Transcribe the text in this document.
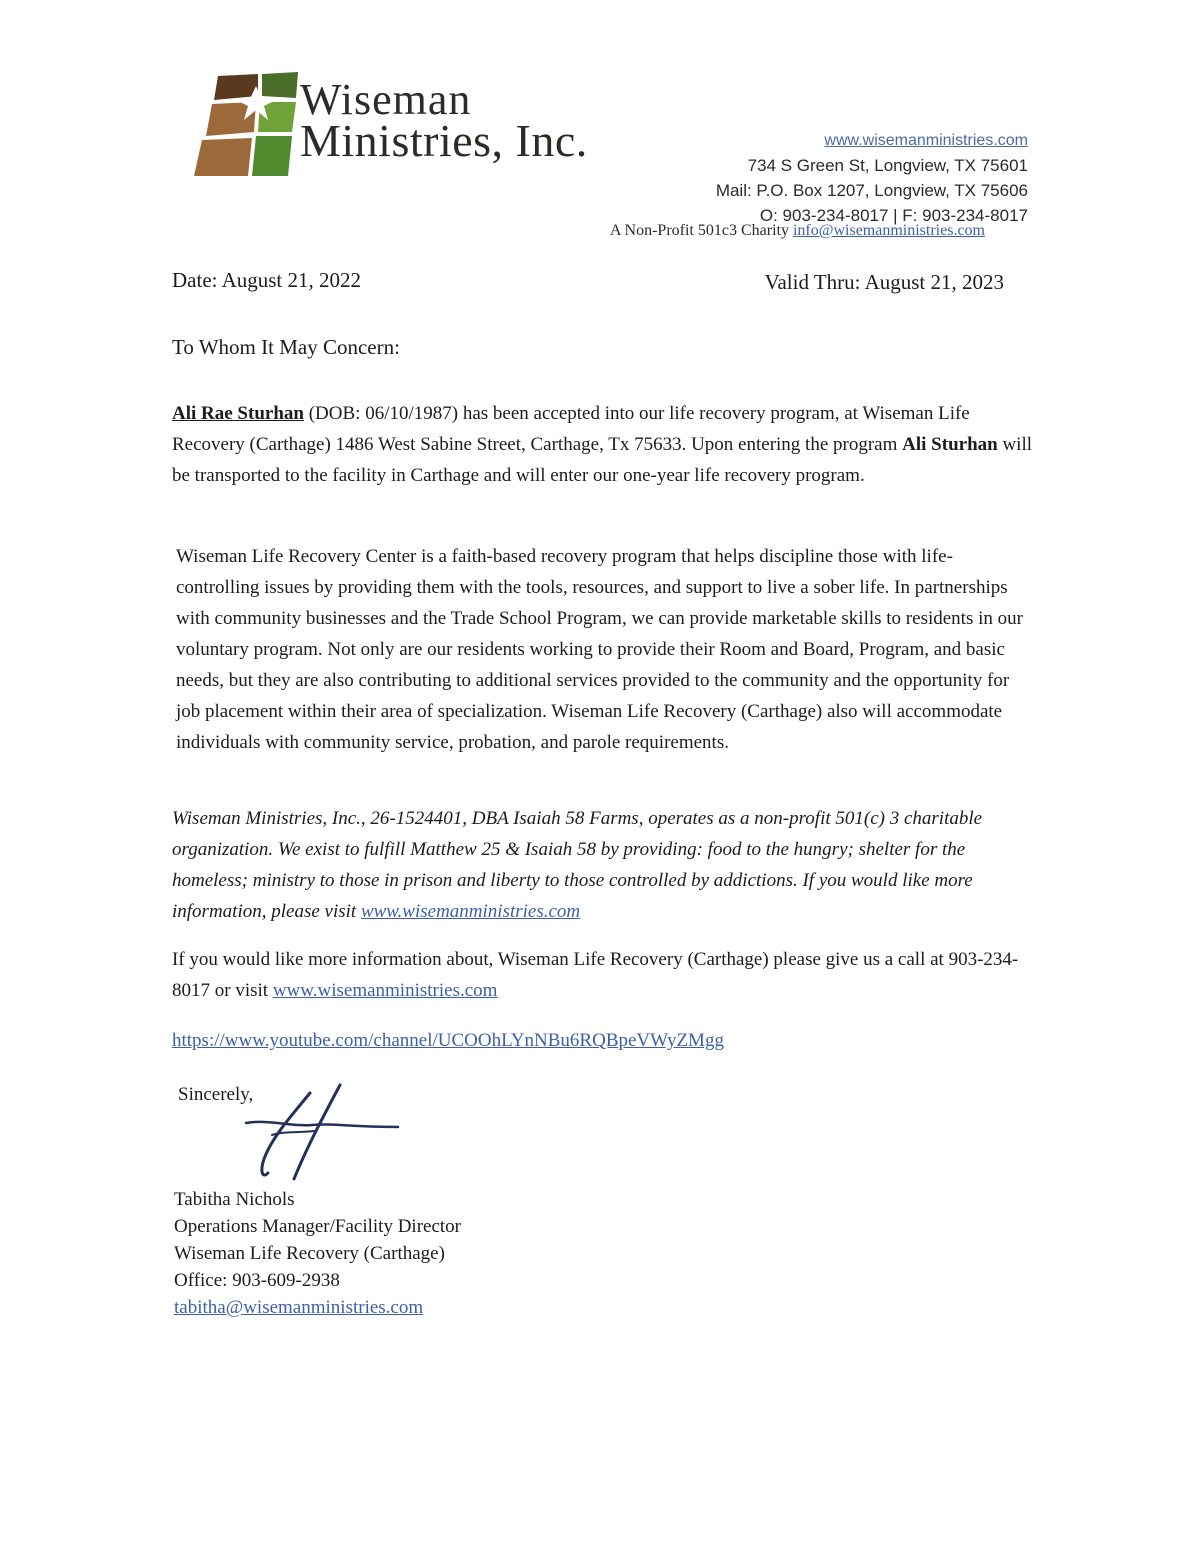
Wiseman
Ministries, Inc.	www.wisemanministries.com
734 S Green St, Longview, TX 75601
Mail: P.O. Box 1207, Longview, TX 75606
O: 903-234-8017 | F: 903-234-8017
A Non-Profit 501c3 Charity info@wisemanministries.com
Date: August 21, 2022	Valid Thru: August 21, 2023
To Whom It May Concern:
Ali Rae Sturhan (DOB: 06/10/1987) has been accepted into our life recovery program, at Wiseman Life Recovery (Carthage) 1486 West Sabine Street, Carthage, Tx 75633. Upon entering the program Ali Sturhan will be transported to the facility in Carthage and will enter our one-year life recovery program.
Wiseman Life Recovery Center is a faith-based recovery program that helps discipline those with life-controlling issues by providing them with the tools, resources, and support to live a sober life. In partnerships with community businesses and the Trade School Program, we can provide marketable skills to residents in our voluntary program. Not only are our residents working to provide their Room and Board, Program, and basic needs, but they are also contributing to additional services provided to the community and the opportunity for job placement within their area of specialization. Wiseman Life Recovery (Carthage) also will accommodate individuals with community service, probation, and parole requirements.
Wiseman Ministries, Inc., 26-1524401, DBA Isaiah 58 Farms, operates as a non-profit 501(c) 3 charitable organization. We exist to fulfill Matthew 25 & Isaiah 58 by providing: food to the hungry; shelter for the homeless; ministry to those in prison and liberty to those controlled by addictions. If you would like more information, please visit www.wisemanministries.com
If you would like more information about, Wiseman Life Recovery (Carthage) please give us a call at 903-234-8017 or visit www.wisemanministries.com
https://www.youtube.com/channel/UCOOhLYnNBu6RQBpeVWyZMgg
Sincerely,
Tabitha Nichols
Operations Manager/Facility Director
Wiseman Life Recovery (Carthage)
Office: 903-609-2938
tabitha@wisemanministries.com
